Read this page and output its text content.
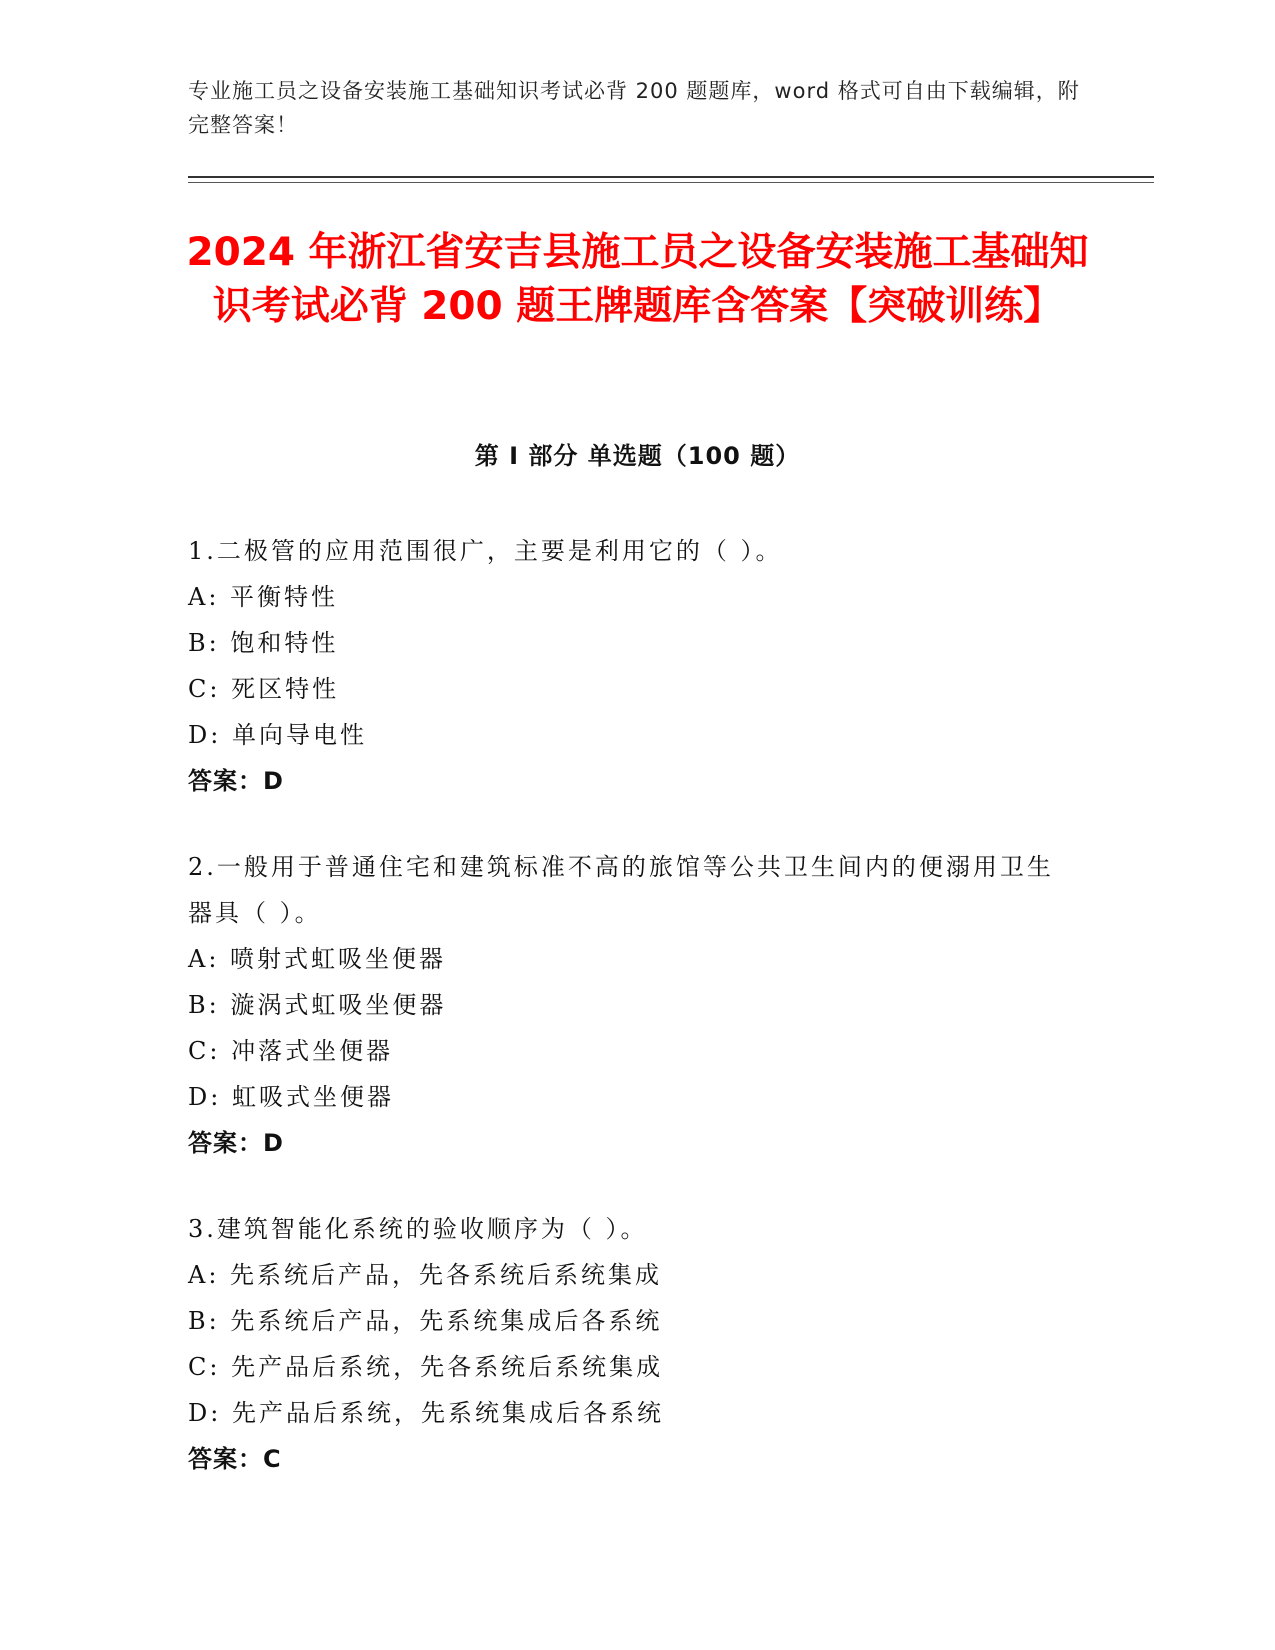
专业施工员之设备安装施工基础知识考试必背 200 题题库，word 格式可自由下载编辑，附完整答案！
2024 年浙江省安吉县施工员之设备安装施工基础知识考试必背 200 题王牌题库含答案【突破训练】
第 I 部分 单选题（100 题）

1.二极管的应用范围很广，主要是利用它的（ ）。

A: 平衡特性

B: 饱和特性

C: 死区特性

D: 单向导电性

答案：D

2.一般用于普通住宅和建筑标准不高的旅馆等公共卫生间内的便溺用卫生器具（ ）。

A: 喷射式虹吸坐便器

B: 漩涡式虹吸坐便器

C: 冲落式坐便器

D: 虹吸式坐便器

答案：D

3.建筑智能化系统的验收顺序为（ ）。

A: 先系统后产品，先各系统后系统集成

B: 先系统后产品，先系统集成后各系统

C: 先产品后系统，先各系统后系统集成

D: 先产品后系统，先系统集成后各系统

答案：C
